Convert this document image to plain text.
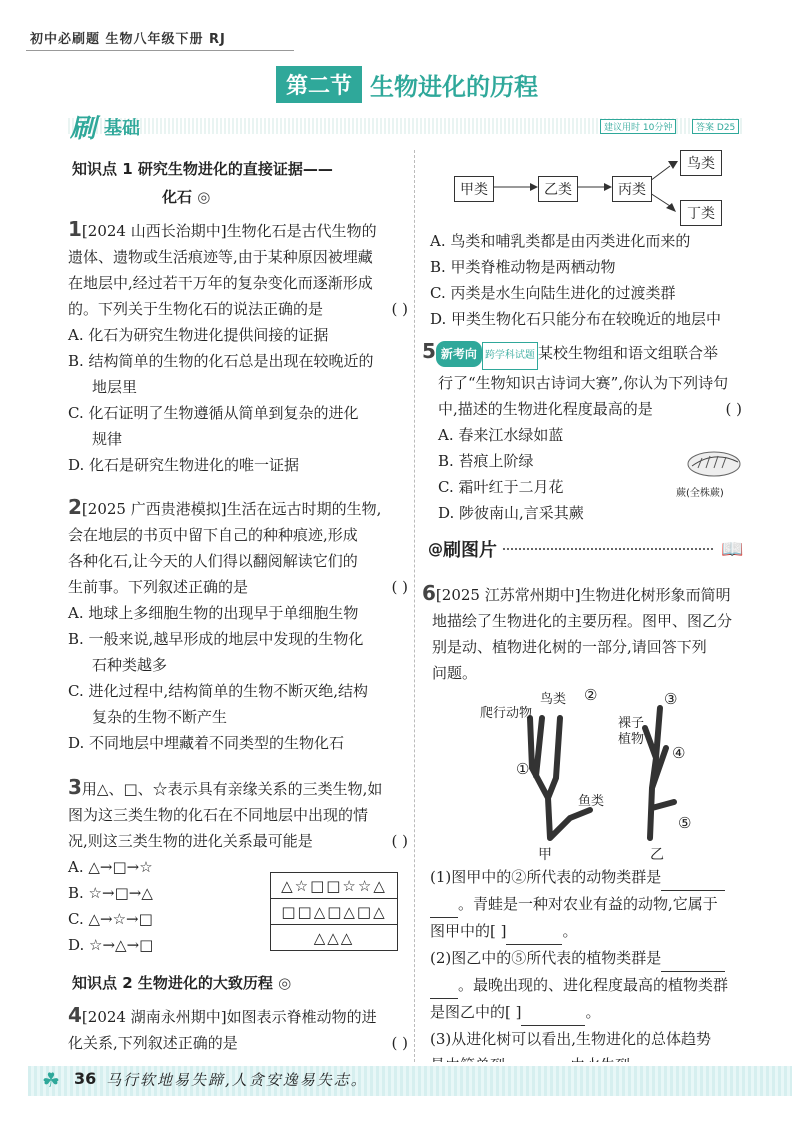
初中必刷题 生物八年级下册 RJ
第二节 生物进化的历程
刷 基础	建议用时 10分钟	答案 D25
知识点 1 研究生物进化的直接证据——
化石 ◎
1[2024 山西长治期中]生物化石是古代生物的
遗体、遗物或生活痕迹等,由于某种原因被埋藏
在地层中,经过若干万年的复杂变化而逐渐形成
的。下列关于生物化石的说法正确的是	( )
A. 化石为研究生物进化提供间接的证据
B. 结构简单的生物的化石总是出现在较晚近的
地层里
C. 化石证明了生物遵循从简单到复杂的进化
规律
D. 化石是研究生物进化的唯一证据
2[2025 广西贵港模拟]生活在远古时期的生物,
会在地层的书页中留下自己的种种痕迹,形成
各种化石,让今天的人们得以翻阅解读它们的
生前事。下列叙述正确的是	( )
A. 地球上多细胞生物的出现早于单细胞生物
B. 一般来说,越早形成的地层中发现的生物化
石种类越多
C. 进化过程中,结构简单的生物不断灭绝,结构
复杂的生物不断产生
D. 不同地层中埋藏着不同类型的生物化石
3用△、□、☆表示具有亲缘关系的三类生物,如
图为这三类生物的化石在不同地层中出现的情
况,则这三类生物的进化关系最可能是	( )
A. △→□→☆
B. ☆→□→△
C. △→☆→□
D. ☆→△→□
△☆□□☆☆△
□□△□△□△
△△△
知识点 2 生物进化的大致历程 ◎
4[2024 湖南永州期中]如图表示脊椎动物的进
化关系,下列叙述正确的是	( )
甲类	乙类	丙类
鸟类
丁类
A. 鸟类和哺乳类都是由丙类进化而来的
B. 甲类脊椎动物是两栖动物
C. 丙类是水生向陆生进化的过渡类群
D. 甲类生物化石只能分布在较晚近的地层中
5 新考向 跨学科试题 某校生物组和语文组联合举
行了“生物知识古诗词大赛”,你认为下列诗句
中,描述的生物进化程度最高的是	( )
A. 春来江水绿如蓝
B. 苔痕上阶绿
C. 霜叶红于二月花
D. 陟彼南山,言采其蕨
蕨(全株蕨)
@ 刷图片	📖
6[2025 江苏常州期中]生物进化树形象而简明
地描绘了生物进化的主要历程。图甲、图乙分
别是动、植物进化树的一部分,请回答下列
问题。
爬行动物
鸟类 ②
①
鱼类
甲
③
裸子
植物
④
⑤
乙
(1)图甲中的②所代表的动物类群是
。青蛙是一种对农业有益的动物,它属于
图甲中的[ ]	。
(2)图乙中的⑤所代表的植物类群是
。最晚出现的、进化程度最高的植物类群
是图乙中的[ ]	。
(3)从进化树可以看出,生物进化的总体趋势

☘ 36 马行软地易失蹄,人贪安逸易失志。
